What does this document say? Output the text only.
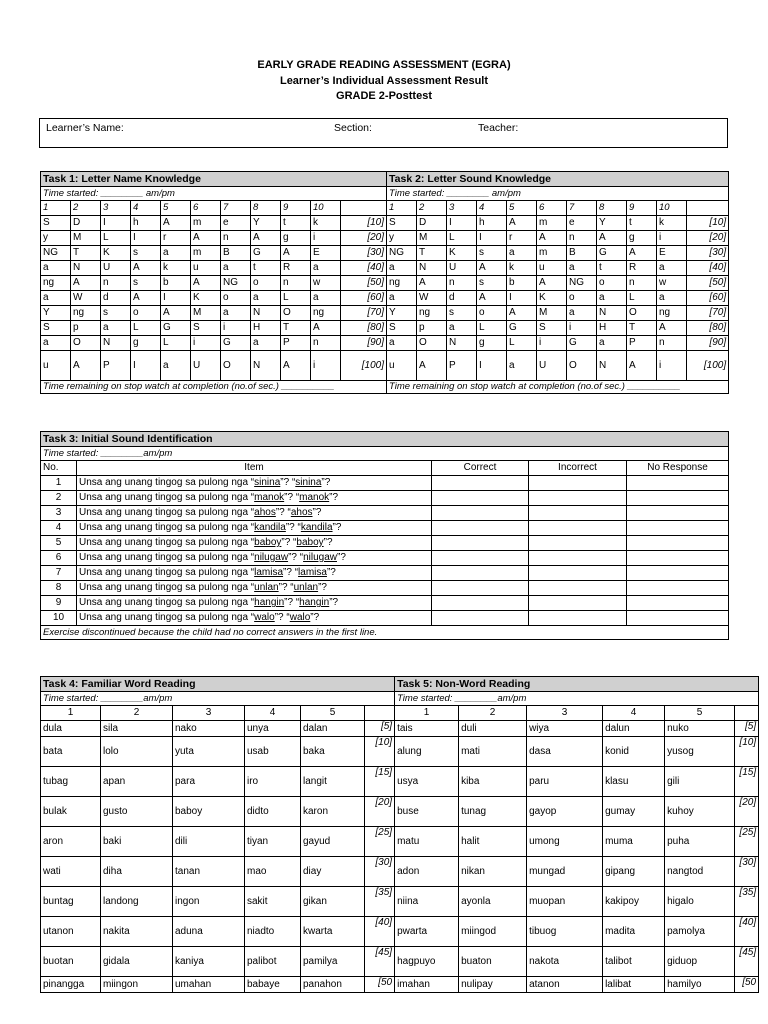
EARLY GRADE READING ASSESSMENT (EGRA)
Learner’s Individual Assessment Result
GRADE 2-Posttest
Learner’s Name:	Section:	Teacher:
Task 1: Letter Name Knowledge											Task 2: Letter Sound Knowledge										
Time started: ________ am/pm											Time started: ________ am/pm										
1	2	3	4	5	6	7	8	9	10		1	2	3	4	5	6	7	8	9	10	
S	D	I	h	A	m	e	Y	t	k	[10]	S	D	I	h	A	m	e	Y	t	k	[10]
y	M	L	I	r	A	n	A	g	i	[20]	y	M	L	I	r	A	n	A	g	i	[20]
NG	T	K	s	a	m	B	G	A	E	[30]	NG	T	K	s	a	m	B	G	A	E	[30]
a	N	U	A	k	u	a	t	R	a	[40]	a	N	U	A	k	u	a	t	R	a	[40]
ng	A	n	s	b	A	NG	o	n	w	[50]	ng	A	n	s	b	A	NG	o	n	w	[50]
a	W	d	A	I	K	o	a	L	a	[60]	a	W	d	A	I	K	o	a	L	a	[60]
Y	ng	s	o	A	M	a	N	O	ng	[70]	Y	ng	s	o	A	M	a	N	O	ng	[70]
S	p	a	L	G	S	i	H	T	A	[80]	S	p	a	L	G	S	i	H	T	A	[80]
a	O	N	g	L	i	G	a	P	n	[90]	a	O	N	g	L	i	G	a	P	n	[90]
u	A	P	I	a	U	O	N	A	i	[100]	u	A	P	I	a	U	O	N	A	i	[100]
Time remaining on stop watch at completion (no.of sec.) __________											Time remaining on stop watch at completion (no.of sec.) __________										
Task 3: Initial Sound Identification				
Time started: ________am/pm				
No.	Item	Correct	Incorrect	No Response
1	Unsa ang unang tingog sa pulong nga “sinina”? “sinina”?			
2	Unsa ang unang tingog sa pulong nga “manok”? “manok”?			
3	Unsa ang unang tingog sa pulong nga “ahos”? “ahos”?			
4	Unsa ang unang tingog sa pulong nga “kandila”? “kandila”?			
5	Unsa ang unang tingog sa pulong nga “baboy”? “baboy”?			
6	Unsa ang unang tingog sa pulong nga “nilugaw”? “nilugaw”?			
7	Unsa ang unang tingog sa pulong nga “lamisa”? “lamisa”?			
8	Unsa ang unang tingog sa pulong nga “unlan”? “unlan”?			
9	Unsa ang unang tingog sa pulong nga “hangin”? “hangin”?			
10	Unsa ang unang tingog sa pulong nga “walo”? “walo”?			
Exercise discontinued because the child had no correct answers in the first line.				
Task 4: Familiar Word Reading						Task 5: Non-Word Reading					
Time started: ________am/pm						Time started: ________am/pm					
1	2	3	4	5		1	2	3	4	5	
dula	sila	nako	unya	dalan	[5]	tais	duli	wiya	dalun	nuko	[5]
bata	lolo	yuta	usab	baka	[10]	alung	mati	dasa	konid	yusog	[10]
tubag	apan	para	iro	langit	[15]	usya	kiba	paru	klasu	gili	[15]
bulak	gusto	baboy	didto	karon	[20]	buse	tunag	gayop	gumay	kuhoy	[20]
aron	baki	dili	tiyan	gayud	[25]	matu	halit	umong	muma	puha	[25]
wati	diha	tanan	mao	diay	[30]	adon	nikan	mungad	gipang	nangtod	[30]
buntag	landong	ingon	sakit	gikan	[35]	niina	ayonla	muopan	kakipoy	higalo	[35]
utanon	nakita	aduna	niadto	kwarta	[40]	pwarta	miingod	tibuog	madita	pamolya	[40]
buotan	gidala	kaniya	palibot	pamilya	[45]	hagpuyo	buaton	nakota	talibot	giduop	[45]
pinangga	miingon	umahan	babaye	panahon	[50	imahan	nulipay	atanon	lalibat	hamilyo	[50
